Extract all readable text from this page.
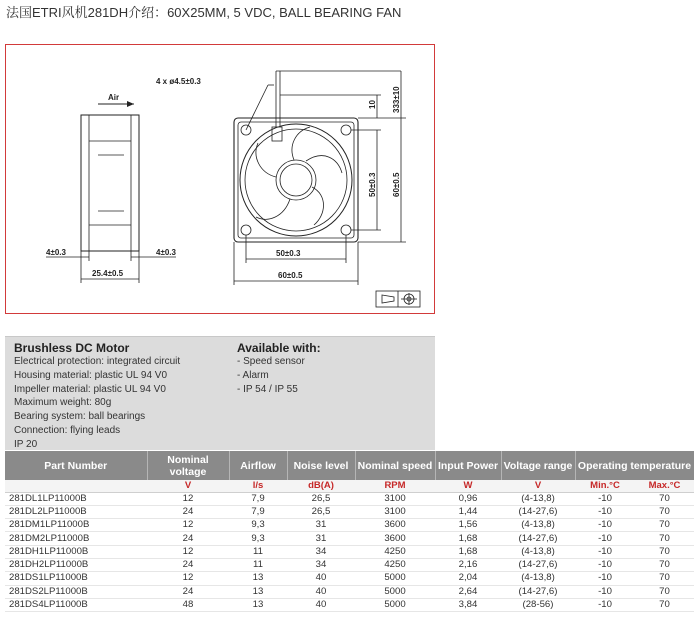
法国ETRI风机281DH介绍：60X25MM, 5 VDC, BALL BEARING FAN
Air
4±0.3	4±0.3
25.4±0.5
4 x ø4.5±0.3
50±0.3
60±0.5
50±0.3 60±0.5
10 333±10
Brushless DC Motor
Electrical protection: integrated circuit
Housing material: plastic UL 94 V0
Impeller material: plastic UL 94 V0
Maximum weight: 80g
Bearing system: ball bearings
Connection: flying leads
IP 20
Available with:
- Speed sensor
- Alarm
- IP 54 / IP 55
Part Number	Nominal voltage	Airflow	Noise level	Nominal speed	Input Power	Voltage range	Operating temperature	
	V	l/s	dB(A)	RPM	W	V	Min.°C	Max.°C
281DL1LP11000B	12	7,9	26,5	3100	0,96	(4-13,8)	-10	70
281DL2LP11000B	24	7,9	26,5	3100	1,44	(14-27,6)	-10	70
281DM1LP11000B	12	9,3	31	3600	1,56	(4-13,8)	-10	70
281DM2LP11000B	24	9,3	31	3600	1,68	(14-27,6)	-10	70
281DH1LP11000B	12	11	34	4250	1,68	(4-13,8)	-10	70
281DH2LP11000B	24	11	34	4250	2,16	(14-27,6)	-10	70
281DS1LP11000B	12	13	40	5000	2,04	(4-13,8)	-10	70
281DS2LP11000B	24	13	40	5000	2,64	(14-27,6)	-10	70
281DS4LP11000B	48	13	40	5000	3,84	(28-56)	-10	70
